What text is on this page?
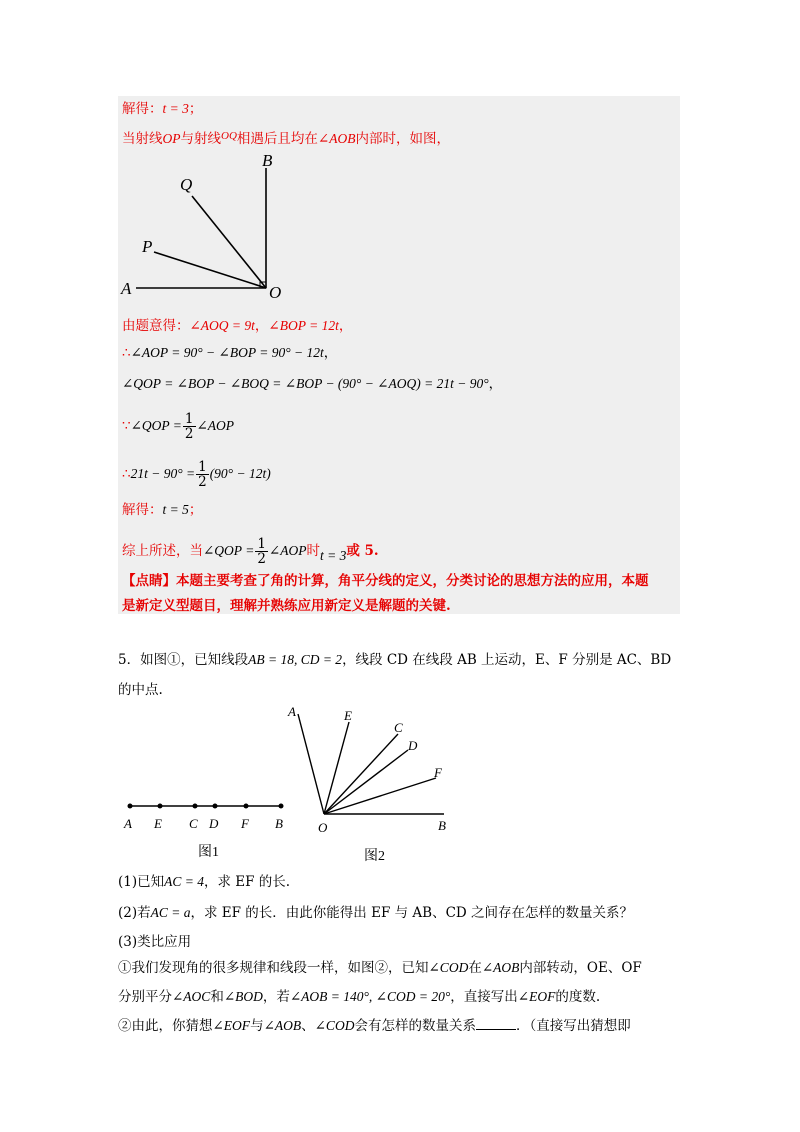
解得：t = 3；
当射线OP与射线$^{OQ}$相遇后且均在∠AOB内部时，如图，
B
Q
P
A	O
由题意得：∠AOQ = 9t，∠BOP = 12t，
∴∠AOP = 90° − ∠BOP = 90° − 12t，
∠QOP = ∠BOP − ∠BOQ = ∠BOP − (90° − ∠AOQ) = 21t − 90°，
∵∠QOP = $\frac{1}{2}$ ∠AOP
∴21t − $90^\circ = \frac{1}{2} (90^\circ - 12t)$
解得：t = 5；
综上所述，当∠QOP = $\frac{1}{2}$ ∠AOP时t = 3或 5.
【点睛】本题主要考查了角的计算，角平分线的定义，分类讨论的思想方法的应用，本题
是新定义型题目，理解并熟练应用新定义是解题的关键.
5．如图①，已知线段AB = 18, CD = 2，线段 CD 在线段 AB 上运动，E、F 分别是 AC、BD
的中点.
A E C D F B
图1
A	E
C
D
F
O	B
图2
(1)已知AC = 4，求 EF 的长.
(2)若AC = a，求 EF 的长．由此你能得出 EF 与 AB、CD 之间存在怎样的数量关系？
(3)类比应用
①我们发现角的很多规律和线段一样，如图②，已知∠COD在∠AOB内部转动，OE、OF
分别平分∠AOC和∠BOD，若∠AOB = 140°, ∠COD = 20°，直接写出∠EOF的度数.
②由此，你猜想∠EOF与∠AOB、∠COD会有怎样的数量关系	．（直接写出猜想即
